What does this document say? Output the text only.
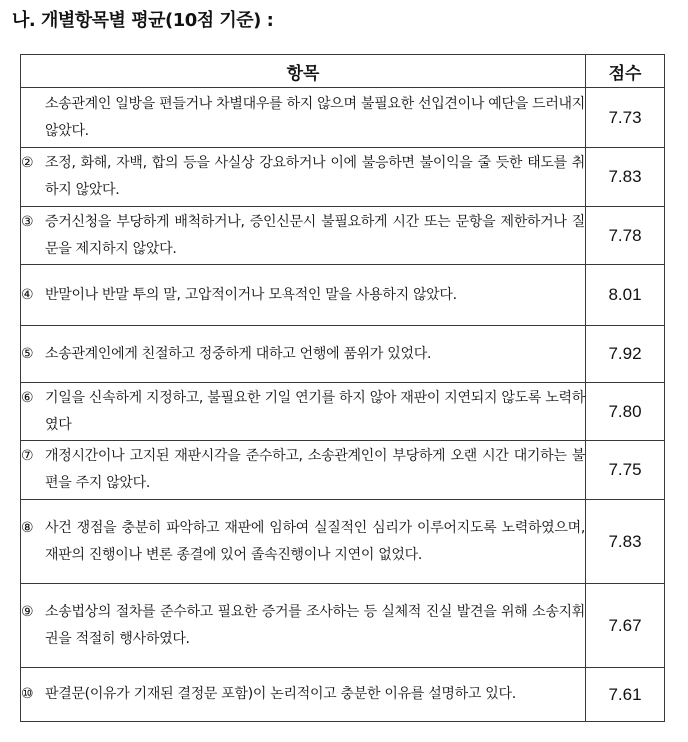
나. 개별항목별 평균(10점 기준) :
항목	점수

소송관계인 일방을 편들거나 차별대우를 하지 않으며 불필요한 선입견이나 예단을 드러내지 않았다.	7.73

② 조정, 화해, 자백, 합의 등을 사실상 강요하거나 이에 불응하면 불이익을 줄 듯한 태도를 취하지 않았다.	7.83

③ 증거신청을 부당하게 배척하거나, 증인신문시 불필요하게 시간 또는 문항을 제한하거나 질문을 제지하지 않았다.	7.78

④ 반말이나 반말 투의 말, 고압적이거나 모욕적인 말을 사용하지 않았다.	8.01

⑤ 소송관계인에게 친절하고 정중하게 대하고 언행에 품위가 있었다.	7.92

⑥ 기일을 신속하게 지정하고, 불필요한 기일 연기를 하지 않아 재판이 지연되지 않도록 노력하였다	7.80

⑦ 개정시간이나 고지된 재판시각을 준수하고, 소송관계인이 부당하게 오랜 시간 대기하는 불편을 주지 않았다.	7.75

⑧ 사건 쟁점을 충분히 파악하고 재판에 임하여 실질적인 심리가 이루어지도록 노력하였으며, 재판의 진행이나 변론 종결에 있어 졸속진행이나 지연이 없었다.	7.83

⑨ 소송법상의 절차를 준수하고 필요한 증거를 조사하는 등 실체적 진실 발견을 위해 소송지휘권을 적절히 행사하였다.	7.67

⑩ 판결문(이유가 기재된 결정문 포함)이 논리적이고 충분한 이유를 설명하고 있다.	7.61
